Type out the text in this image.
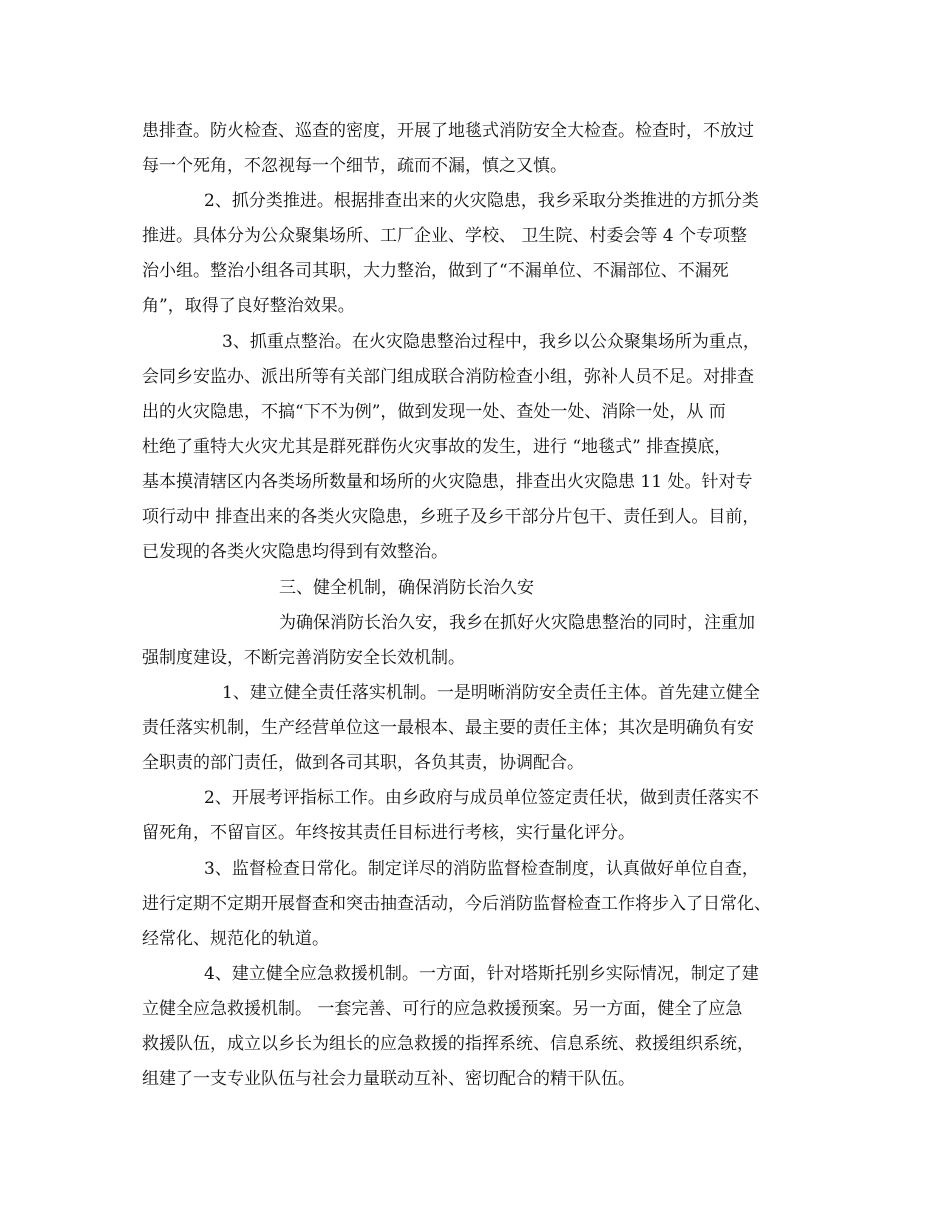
患排查。防火检查、巡查的密度，开展了地毯式消防安全大检查。检查时，不放过
每一个死角，不忽视每一个细节，疏而不漏，慎之又慎。
2、抓分类推进。根据排查出来的火灾隐患，我乡采取分类推进的方抓分类
推进。具体分为公众聚集场所、工厂企业、学校、 卫生院、村委会等 4 个专项整
治小组。整治小组各司其职，大力整治，做到了“不漏单位、不漏部位、不漏死
角”，取得了良好整治效果。
3、抓重点整治。在火灾隐患整治过程中，我乡以公众聚集场所为重点，
会同乡安监办、派出所等有关部门组成联合消防检查小组，弥补人员不足。对排查
出的火灾隐患，不搞“下不为例”，做到发现一处、查处一处、消除一处，从 而
杜绝了重特大火灾尤其是群死群伤火灾事故的发生，进行 “地毯式” 排查摸底，
基本摸清辖区内各类场所数量和场所的火灾隐患，排查出火灾隐患 11 处。针对专
项行动中 排查出来的各类火灾隐患，乡班子及乡干部分片包干、责任到人。目前，
已发现的各类火灾隐患均得到有效整治。
三、健全机制，确保消防长治久安
为确保消防长治久安，我乡在抓好火灾隐患整治的同时，注重加
强制度建设，不断完善消防安全长效机制。
1、建立健全责任落实机制。一是明晰消防安全责任主体。首先建立健全
责任落实机制，生产经营单位这一最根本、最主要的责任主体；其次是明确负有安
全职责的部门责任，做到各司其职，各负其责，协调配合。
2、开展考评指标工作。由乡政府与成员单位签定责任状，做到责任落实不
留死角，不留盲区。年终按其责任目标进行考核，实行量化评分。
3、监督检查日常化。制定详尽的消防监督检查制度，认真做好单位自查，
进行定期不定期开展督查和突击抽查活动，今后消防监督检查工作将步入了日常化、
经常化、规范化的轨道。
4、建立健全应急救援机制。一方面，针对塔斯托别乡实际情况，制定了建
立健全应急救援机制。 一套完善、可行的应急救援预案。另一方面，健全了应急
救援队伍，成立以乡长为组长的应急救援的指挥系统、信息系统、救援组织系统，
组建了一支专业队伍与社会力量联动互补、密切配合的精干队伍。
